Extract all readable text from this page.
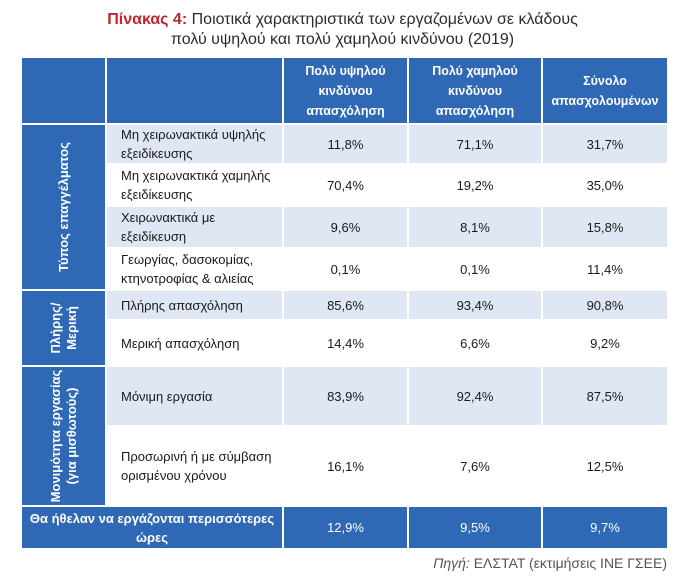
Πίνακας 4: Ποιοτικά χαρακτηριστικά των εργαζομένων σε κλάδους
πολύ υψηλού και πολύ χαμηλού κινδύνου (2019)
		Πολύ υψηλού κινδύνου απασχόληση	Πολύ χαμηλού κινδύνου απασχόληση	Σύνολο απασχολουμένων

Τύπος επαγγέλματος	Μη χειρωνακτικά υψηλής εξειδίκευσης	11,8%	71,1%	31,7%
	Μη χειρωνακτικά χαμηλής εξειδίκευσης	70,4%	19,2%	35,0%
	Χειρωνακτικά με εξειδίκευση	9,6%	8,1%	15,8%
	Γεωργίας, δασοκομίας, κτηνοτροφίας & αλιείας	0,1%	0,1%	11,4%

Πλήρης/ Μερική	Πλήρης απασχόληση	85,6%	93,4%	90,8%
	Μερική απασχόληση	14,4%	6,6%	9,2%

Μονιμότητα εργασίας (για μισθωτούς)	Μόνιμη εργασία	83,9%	92,4%	87,5%
	Προσωρινή ή με σύμβαση ορισμένου χρόνου	16,1%	7,6%	12,5%
Θα ήθελαν να εργάζονται περισσότερες ώρες		12,9%	9,5%	9,7%
Πηγή: ΕΛΣΤΑΤ (εκτιμήσεις ΙΝΕ ΓΣΕΕ)
